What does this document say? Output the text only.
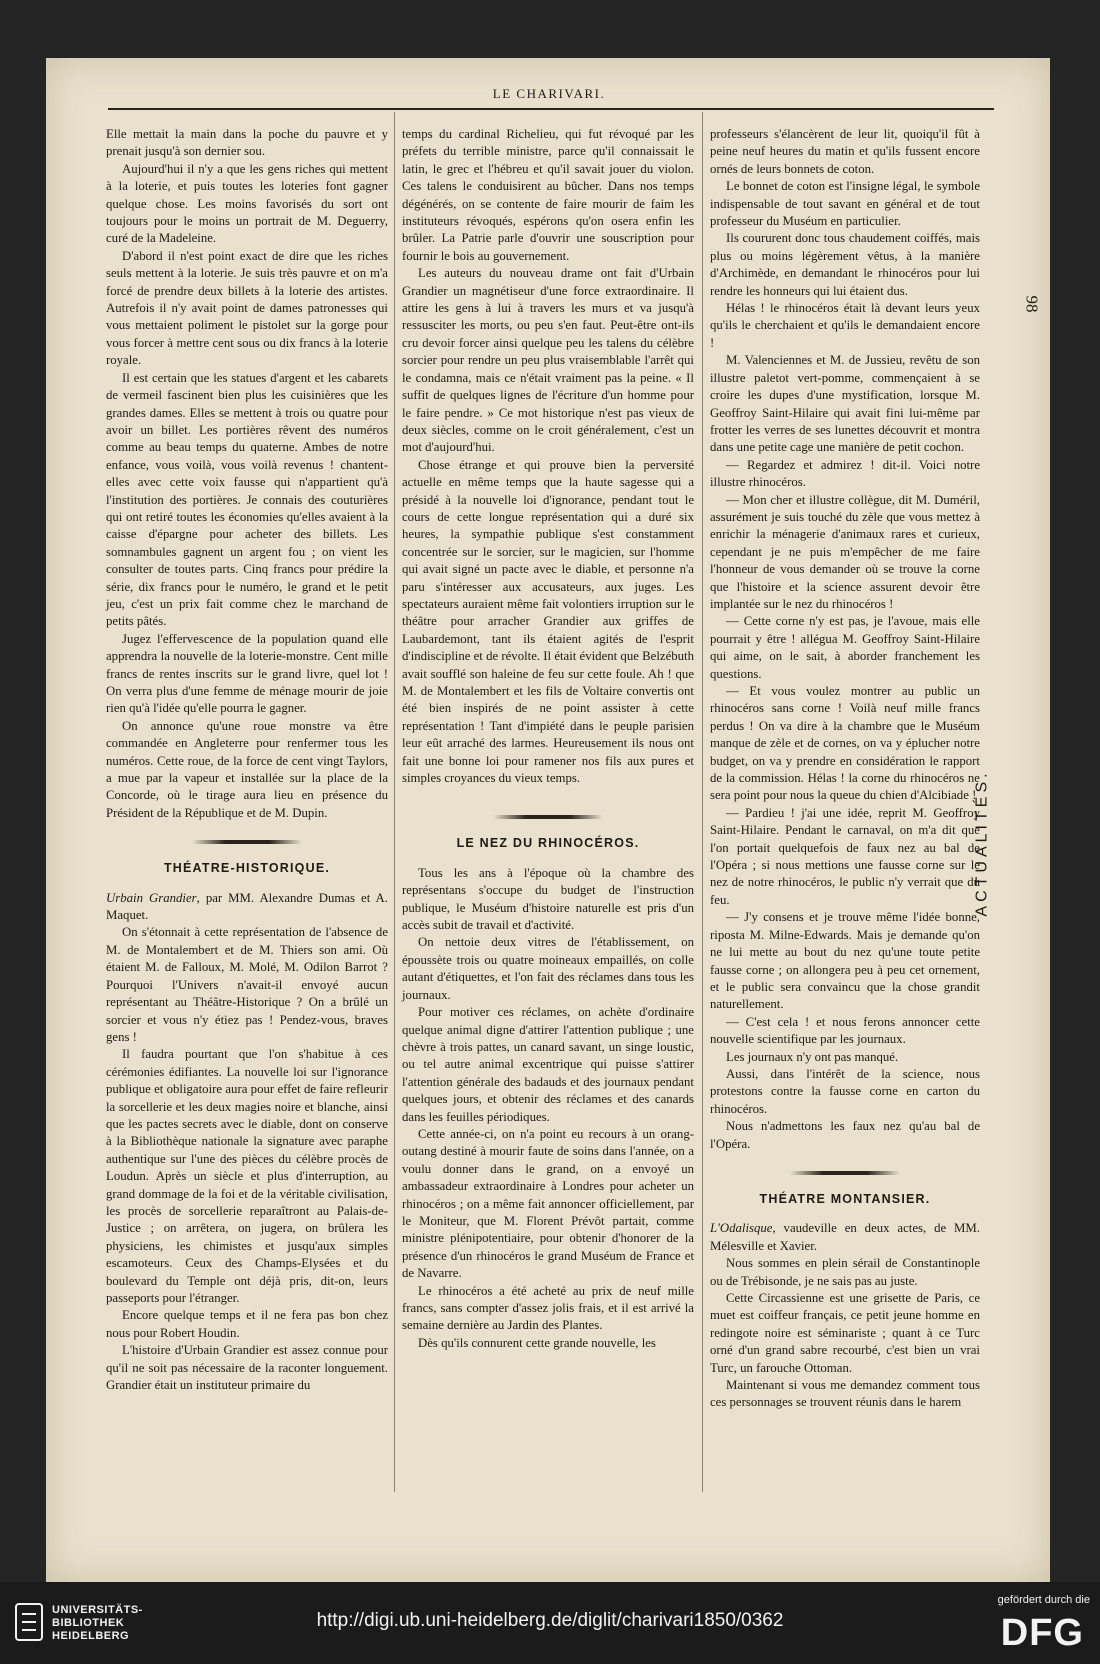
LE CHARIVARI.
98
ACTUALITÉS.

Elle mettait la main dans la poche du pauvre et y prenait jusqu'à son dernier sou.

Aujourd'hui il n'y a que les gens riches qui mettent à la loterie, et puis toutes les loteries font gagner quelque chose. Les moins favorisés du sort ont toujours pour le moins un portrait de M. Deguerry, curé de la Madeleine.

D'abord il n'est point exact de dire que les riches seuls mettent à la loterie. Je suis très pauvre et on m'a forcé de prendre deux billets à la loterie des artistes. Autrefois il n'y avait point de dames patronesses qui vous mettaient poliment le pistolet sur la gorge pour vous forcer à mettre cent sous ou dix francs à la loterie royale.

Il est certain que les statues d'argent et les cabarets de vermeil fascinent bien plus les cuisinières que les grandes dames. Elles se mettent à trois ou quatre pour avoir un billet. Les portières rêvent des numéros comme au beau temps du quaterne. Ambes de notre enfance, vous voilà, vous voilà revenus ! chantent-elles avec cette voix fausse qui n'appartient qu'à l'institution des portières. Je connais des couturières qui ont retiré toutes les économies qu'elles avaient à la caisse d'épargne pour acheter des billets. Les somnambules gagnent un argent fou ; on vient les consulter de toutes parts. Cinq francs pour prédire la série, dix francs pour le numéro, le grand et le petit jeu, c'est un prix fait comme chez le marchand de petits pâtés.

Jugez l'effervescence de la population quand elle apprendra la nouvelle de la loterie-monstre. Cent mille francs de rentes inscrits sur le grand livre, quel lot ! On verra plus d'une femme de ménage mourir de joie rien qu'à l'idée qu'elle pourra le gagner.

On annonce qu'une roue monstre va être commandée en Angleterre pour renfermer tous les numéros. Cette roue, de la force de cent vingt Taylors, a mue par la vapeur et installée sur la place de la Concorde, où le tirage aura lieu en présence du Président de la République et de M. Dupin.

THÉATRE-HISTORIQUE.

Urbain Grandier, par MM. Alexandre Dumas et A. Maquet.

On s'étonnait à cette représentation de l'absence de M. de Montalembert et de M. Thiers son ami. Où étaient M. de Falloux, M. Molé, M. Odilon Barrot ? Pourquoi l'Univers n'avait-il envoyé aucun représentant au Théâtre-Historique ? On a brûlé un sorcier et vous n'y étiez pas ! Pendez-vous, braves gens !

Il faudra pourtant que l'on s'habitue à ces cérémonies édifiantes. La nouvelle loi sur l'ignorance publique et obligatoire aura pour effet de faire refleurir la sorcellerie et les deux magies noire et blanche, ainsi que les pactes secrets avec le diable, dont on conserve à la Bibliothèque nationale la signature avec paraphe authentique sur l'une des pièces du célèbre procès de Loudun. Après un siècle et plus d'interruption, au grand dommage de la foi et de la véritable civilisation, les procès de sorcellerie reparaîtront au Palais-de-Justice ; on arrêtera, on jugera, on brûlera les physiciens, les chimistes et jusqu'aux simples escamoteurs. Ceux des Champs-Elysées et du boulevard du Temple ont déjà pris, dit-on, leurs passeports pour l'étranger.

Encore quelque temps et il ne fera pas bon chez nous pour Robert Houdin.

L'histoire d'Urbain Grandier est assez connue pour qu'il ne soit pas nécessaire de la raconter longuement. Grandier était un instituteur primaire du

temps du cardinal Richelieu, qui fut révoqué par les préfets du terrible ministre, parce qu'il connaissait le latin, le grec et l'hébreu et qu'il savait jouer du violon. Ces talens le conduisirent au bûcher. Dans nos temps dégénérés, on se contente de faire mourir de faim les instituteurs révoqués, espérons qu'on osera enfin les brûler. La Patrie parle d'ouvrir une souscription pour fournir le bois au gouvernement.

Les auteurs du nouveau drame ont fait d'Urbain Grandier un magnétiseur d'une force extraordinaire. Il attire les gens à lui à travers les murs et va jusqu'à ressusciter les morts, ou peu s'en faut. Peut-être ont-ils cru devoir forcer ainsi quelque peu les talens du célèbre sorcier pour rendre un peu plus vraisemblable l'arrêt qui le condamna, mais ce n'était vraiment pas la peine. « Il suffit de quelques lignes de l'écriture d'un homme pour le faire pendre. » Ce mot historique n'est pas vieux de deux siècles, comme on le croit généralement, c'est un mot d'aujourd'hui.

Chose étrange et qui prouve bien la perversité actuelle en même temps que la haute sagesse qui a présidé à la nouvelle loi d'ignorance, pendant tout le cours de cette longue représentation qui a duré six heures, la sympathie publique s'est constamment concentrée sur le sorcier, sur le magicien, sur l'homme qui avait signé un pacte avec le diable, et personne n'a paru s'intéresser aux accusateurs, aux juges. Les spectateurs auraient même fait volontiers irruption sur le théâtre pour arracher Grandier aux griffes de Laubardemont, tant ils étaient agités de l'esprit d'indiscipline et de révolte. Il était évident que Belzébuth avait soufflé son haleine de feu sur cette foule. Ah ! que M. de Montalembert et les fils de Voltaire convertis ont été bien inspirés de ne point assister à cette représentation ! Tant d'impiété dans le peuple parisien leur eût arraché des larmes. Heureusement ils nous ont fait une bonne loi pour ramener nos fils aux pures et simples croyances du vieux temps.

LE NEZ DU RHINOCÉROS.

Tous les ans à l'époque où la chambre des représentans s'occupe du budget de l'instruction publique, le Muséum d'histoire naturelle est pris d'un accès subit de travail et d'activité.

On nettoie deux vitres de l'établissement, on époussète trois ou quatre moineaux empaillés, on colle autant d'étiquettes, et l'on fait des réclames dans tous les journaux.

Pour motiver ces réclames, on achète d'ordinaire quelque animal digne d'attirer l'attention publique ; une chèvre à trois pattes, un canard savant, un singe loustic, ou tel autre animal excentrique qui puisse s'attirer l'attention générale des badauds et des journaux pendant quelques jours, et obtenir des réclames et des canards dans les feuilles périodiques.

Cette année-ci, on n'a point eu recours à un orang-outang destiné à mourir faute de soins dans l'année, on a voulu donner dans le grand, on a envoyé un ambassadeur extraordinaire à Londres pour acheter un rhinocéros ; on a même fait annoncer officiellement, par le Moniteur, que M. Florent Prévôt partait, comme ministre plénipotentiaire, pour obtenir d'honorer de la présence d'un rhinocéros le grand Muséum de France et de Navarre.

Le rhinocéros a été acheté au prix de neuf mille francs, sans compter d'assez jolis frais, et il est arrivé la semaine dernière au Jardin des Plantes.

Dès qu'ils connurent cette grande nouvelle, les

professeurs s'élancèrent de leur lit, quoiqu'il fût à peine neuf heures du matin et qu'ils fussent encore ornés de leurs bonnets de coton.

Le bonnet de coton est l'insigne légal, le symbole indispensable de tout savant en général et de tout professeur du Muséum en particulier.

Ils coururent donc tous chaudement coiffés, mais plus ou moins légèrement vêtus, à la manière d'Archimède, en demandant le rhinocéros pour lui rendre les honneurs qui lui étaient dus.

Hélas ! le rhinocéros était là devant leurs yeux qu'ils le cherchaient et qu'ils le demandaient encore !

M. Valenciennes et M. de Jussieu, revêtu de son illustre paletot vert-pomme, commençaient à se croire les dupes d'une mystification, lorsque M. Geoffroy Saint-Hilaire qui avait fini lui-même par frotter les verres de ses lunettes découvrit et montra dans une petite cage une manière de petit cochon.

— Regardez et admirez ! dit-il. Voici notre illustre rhinocéros.

— Mon cher et illustre collègue, dit M. Duméril, assurément je suis touché du zèle que vous mettez à enrichir la ménagerie d'animaux rares et curieux, cependant je ne puis m'empêcher de me faire l'honneur de vous demander où se trouve la corne que l'histoire et la science assurent devoir être implantée sur le nez du rhinocéros !

— Cette corne n'y est pas, je l'avoue, mais elle pourrait y être ! allégua M. Geoffroy Saint-Hilaire qui aime, on le sait, à aborder franchement les questions.

— Et vous voulez montrer au public un rhinocéros sans corne ! Voilà neuf mille francs perdus ! On va dire à la chambre que le Muséum manque de zèle et de cornes, on va y éplucher notre budget, on va y prendre en considération le rapport de la commission. Hélas ! la corne du rhinocéros ne sera point pour nous la queue du chien d'Alcibiade !

— Pardieu ! j'ai une idée, reprit M. Geoffroy Saint-Hilaire. Pendant le carnaval, on m'a dit que l'on portait quelquefois de faux nez au bal de l'Opéra ; si nous mettions une fausse corne sur le nez de notre rhinocéros, le public n'y verrait que du feu.

— J'y consens et je trouve même l'idée bonne, riposta M. Milne-Edwards. Mais je demande qu'on ne lui mette au bout du nez qu'une toute petite fausse corne ; on allongera peu à peu cet ornement, et le public sera convaincu que la chose grandit naturellement.

— C'est cela ! et nous ferons annoncer cette nouvelle scientifique par les journaux.

Les journaux n'y ont pas manqué.

Aussi, dans l'intérêt de la science, nous protestons contre la fausse corne en carton du rhinocéros.

Nous n'admettons les faux nez qu'au bal de l'Opéra.

THÉATRE MONTANSIER.

L'Odalisque, vaudeville en deux actes, de MM. Mélesville et Xavier.

Nous sommes en plein sérail de Constantinople ou de Trébisonde, je ne sais pas au juste.

Cette Circassienne est une grisette de Paris, ce muet est coiffeur français, ce petit jeune homme en redingote noire est séminariste ; quant à ce Turc orné d'un grand sabre recourbé, c'est bien un vrai Turc, un farouche Ottoman.

Maintenant si vous me demandez comment tous ces personnages se trouvent réunis dans le harem

UNIVERSITÄTS-
BIBLIOTHEK
HEIDELBERG
http://digi.ub.uni-heidelberg.de/diglit/charivari1850/0362
gefördert durch die
DFG
